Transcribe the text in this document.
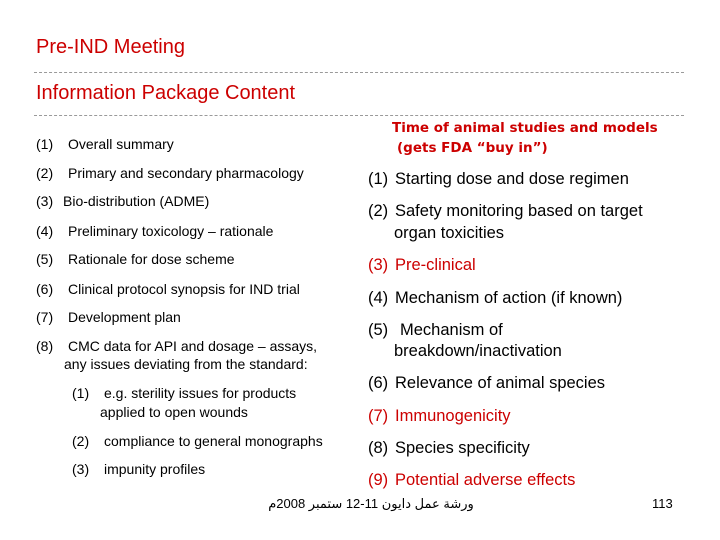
Pre-IND Meeting
Information Package Content
(1) Overall summary
(2) Primary and secondary pharmacology
(3) Bio-distribution (ADME)
(4) Preliminary toxicology – rationale
(5) Rationale for dose scheme
(6) Clinical protocol synopsis for IND trial
(7) Development plan
(8) CMC data for API and dosage – assays,
any issues deviating from the standard:
(1) e.g. sterility issues for products
applied to open wounds
(2) compliance to general monographs
(3) impunity profiles
Time of animal studies and models
(gets FDA “buy in”)
(1) Starting dose and dose regimen
(2) Safety monitoring based on target
organ toxicities
(3) Pre-clinical
(4) Mechanism of action (if known)
(5) Mechanism of
breakdown/inactivation
(6) Relevance of animal species
(7) Immunogenicity
(8) Species specificity
(9) Potential adverse effects
ﻭﺭﺷﺔ ﻋﻤﻞ ﺩﺍﻳﻮﻥ 11-12 ﺳﺘﻤﺒﺮ 2008ﻡ	113
